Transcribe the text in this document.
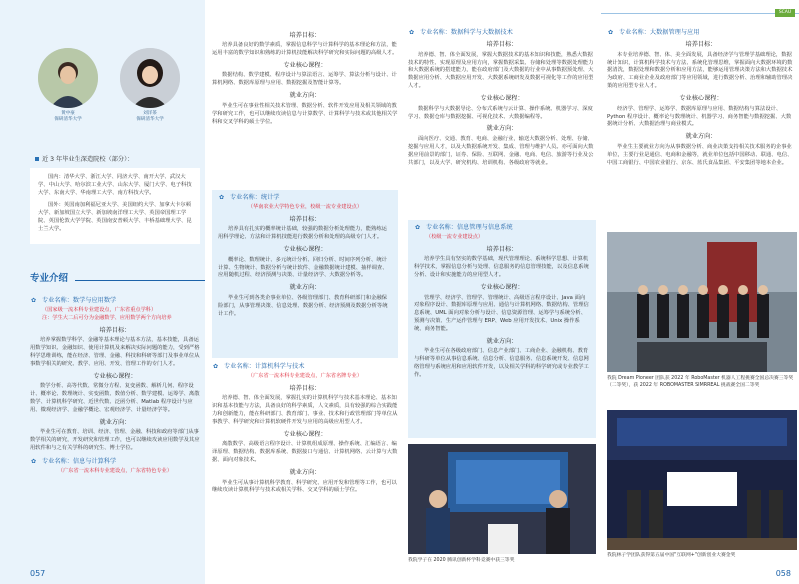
黄中豪
保研清华大学
刘洋茶
保研清华大学
近 3 年毕业生深造院校（部分）：

国内：清华大学、浙江大学、同济大学、南开大学、武汉大学、中山大学、哈尔滨工业大学、山东大学、厦门大学、电子科技大学、东南大学、华南理工大学、南方科技大学。

国外：英国南加利福尼亚大学、美国纽约大学、加拿大卡尔顿大学、新加坡国立大学、新加坡南洋理工大学、英国帝国理工学院、英国伦敦大学学院、英国南安普顿大学、丰桥基础理大学、昆士兰大学。

专业介绍
✿ 专业名称：数学与应用数学
（国家级一流本科专业建设点，广东省重点学科）
注：学生大二后可分为金融数学、应用数学两个方向培养
培养目标：
培养掌握数学科学、金融等基本理论与基本方法，基本技能，具备运用数学知识、金融知识、使用计算机及来解决实际问题的能力，受到严格科学思维训练，能在经济、管理、金融、科技和科研等部门及事业单位从事数学相关的研究、教学、应用、开发、管理工作的专门人才。
专业核心课程：
数学分析、高等代数、常微分方程、复变函数、解析几何、程序设计、概率论、数理统计、实变函数、数值分析、数学建模、运筹学、离散数学、计算机科学研究、近世代数、泛函分析、Matlab 程序设计与应用、微观经济学、金融学概论、宏观经济学、计量经济学等。
就业方向：
毕业生可在教育、培训、经济、管理、金融、科技和政府等部门从事数学相关的研究，开发研究和管理工作，也可以继续攻读应用数学及其应用软件和与之有关学科的研究生、博士学位。
✿ 专业名称：信息与计算科学
（广东省一流本科专业建设点，广东省特色专业）
057
培养目标：
培养具备良好的数学素质，掌握信息科学与计算科学的基本理论和方法，能运用丰富的数学知识和熟练的计算机技能解决科学研究和实际问题的高级人才。
专业核心课程：
数据结构、数学建模、程序设计与算法语言、运筹学、算法分析与设计、计算机网络、数据库原理与应用、数据挖掘及智能计算等。
就业方向：
毕业生可在事业性相关技术管理、数据分析、软件开发应用及相关领域的教学和研究工作，也可以继续攻读信息与计算数学、计算科学与技术或其他相关学科和交叉学科的硕士学位。
✿ 专业名称：统计学
（华南农业大学特色专业，校级一流专业建设点）
培养目标：
培养具有扎实的概率统计基础，较强的数据分析处理能力，能熟练运用科学理论、方法和计算机技能进行数据分析和处理的高级专门人才。
专业核心课程：
概率论、数理统计、多元统计分析、回归分析、时间序列分析、统计计算、生物统计、数据分析与统计软件、金融数据统计建模、抽样调查、应用随机过程、经济预测与决策、计量经济学、大数据分析等。
就业方向：
毕业生可到各类企事业单位、各级管理部门、教育科研部门和金融保险部门，从事管理决策、信息处理、数据分析、经济预测及数据分析等统计工作。
✿ 专业名称：计算机科学与技术
（广东省一流本科专业建设点，广东省名牌专业）
培养目标：
培养德、智、体全面发展，掌握扎实的计算机科学与技术基本理论、基本知识和基本技能与方法，具备良好的科学素质，人文素质，具有较强的综合实践能力和创新能力，能在科研部门、教育部门、事业、技术和行政管理部门等单位从事教学、科学研究和计算机软硬件开发与应用的高级应用型人才。
专业核心课程：
离散数学、高级语言程序设计、计算机组成原理、操作系统、汇编语言、编译原理、数据结构、数据库系统、数据接口与通信、计算机网络、云计算与大数据、面向对象技术。
就业方向：
毕业生可从事计算机科学教育、科学研究、应用开发和管理等工作，也可以继续攻读计算机科学与技术或相关学科、交叉学科的硕士学位。
✿ 专业名称：数据科学与大数据技术
培养目标：
培养德、智、体全面发展，掌握大数据技术的基本知识和技能，熟悉大数据技术的特性、实现原理及应用方向，掌握数据采集、存储和处理等数据处理能力和大数据系统的搭建能力，能在政府部门及大数据的行业中从事数据预处理、大数据应用分析、大数据应用开发、大数据系统研发及数据可视化等工作的应用型人才。
专业核心课程：
数据科学与大数据导论、分布式系统与云计算、操作系统、机器学习、深度学习、数据仓库与数据挖掘、可视化技术、大数据编程等。
就业方向：
面向医疗、交通、教育、电商、金融行业，输送大数据分析、处理、存储、挖掘与应用人才，以及大数据系统开发、集成、管理与维护人员。亦可面向大数据应用前景的部门，证券、保险、互联网、金融、电商、电信、旅游等行业及公共部门，以及大学、研究机构、培训机构、各级政府等就业。
✿ 专业名称：信息管理与信息系统
（校级一流专业建设点）
培养目标：
培养学生具有坚实的数学基础，现代管理理论、系统科学思想、计算机科学技术，掌握信息分析与处理、信息服务的信息管理技能，以及信息系统分析、设计和实施能力的应用型人才。
专业核心课程：
管理学、经济学、管理学、管理统计、高级语言程序设计、Java 面向对象程序设计、数据库原理与应用、通信与计算机网络、数据结构、管理信息系统、UML 面向对象分析与设计、信息资源管理、运筹学与系统分析、预测与决策、生产运作管理与 ERP、Web 应用开发技术、Unix 操作系统、商务智能。
就业方向：
毕业生可在各级政府部门、信息产业部门、工商企业、金融机构、教育与科研等单位从事信息系统、信息分析、信息服务、信息系统开发、信息网络管理与系统应用和应用软件开发，以及相关学科的科学研究或专业教学工作。
我院学子在 2020 腾讯创新杯学科竞赛中获三等奖
SCAU
✿ 专业名称：大数据管理与应用
培养目标：
本专业培养德、智、体、美全面发展，具备经济学与管理学基础理论，数据统计知识，计算机科学技术与方法、系统化管理思维，掌握面向大数据环境的数据清洗，数据处理和数据分析和应用方法，能够运用管理决策方法和大数据技术为政府、工商业企业及政府部门等应用领域，进行数据分析、治理和辅助管理决策的应用型专业人才。
专业核心课程：
经济学、管理学、运筹学、数据库原理与应用、数据结构与算法设计、Python 程序设计、概率论与数理统计、机器学习、商务智能与数据挖掘、大数据统计分析、大数据治理与商业模式。
就业方向：
毕业生主要就业方向为从事数据分析、商业决策支持相关技术服务的企事业单位，主要行业是通信、电商和金融等，就业单位包括中国移动、联通、电信、中国工商银行、中国农业银行、京东、蓝氏食品集团、平安集团等地本企业。
我院 Dream Pioneer 团队获 2022 年 RoboMaster 机器人工程挑赛全国总决赛三等奖（二等奖），获 2022 年 ROBOMASTER SIMRREAL 挑战赛全国二等奖
我院林子学团队获得第五届中国"互联网+"创新创业大赛金奖
058
